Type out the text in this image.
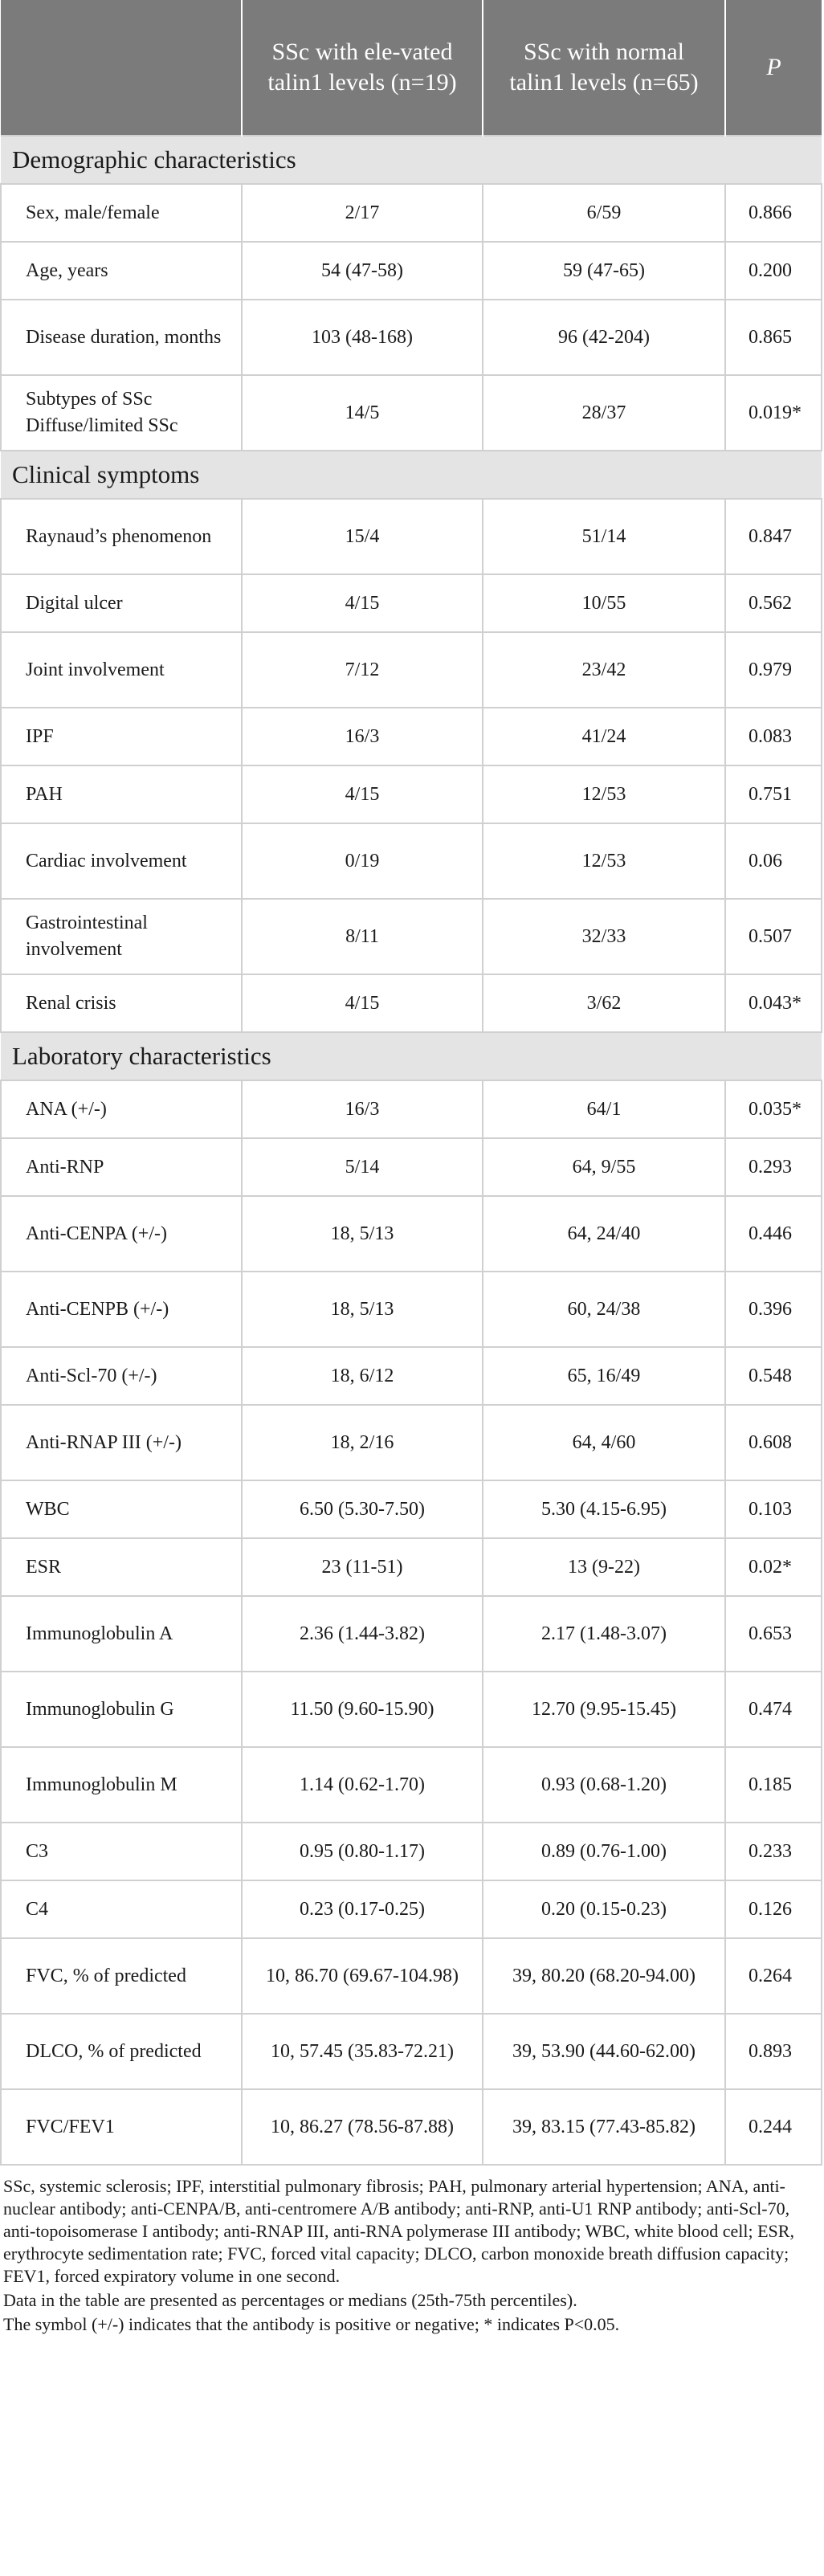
	SSc with ele-vated talin1 levels (n=19)	SSc with normal talin1 levels (n=65)	P
Demographic characteristics			
Sex, male/female	2/17	6/59	0.866
Age, years	54 (47-58)	59 (47-65)	0.200
Disease duration, months	103 (48-168)	96 (42-204)	0.865
Subtypes of SSc Diffuse/limited SSc	14/5	28/37	0.019*
Clinical symptoms			
Raynaud’s phenomenon	15/4	51/14	0.847
Digital ulcer	4/15	10/55	0.562
Joint involvement	7/12	23/42	0.979
IPF	16/3	41/24	0.083
PAH	4/15	12/53	0.751
Cardiac involvement	0/19	12/53	0.06
Gastrointestinal involvement	8/11	32/33	0.507
Renal crisis	4/15	3/62	0.043*
Laboratory characteristics			
ANA (+/-)	16/3	64/1	0.035*
Anti-RNP	5/14	64, 9/55	0.293
Anti-CENPA (+/-)	18, 5/13	64, 24/40	0.446
Anti-CENPB (+/-)	18, 5/13	60, 24/38	0.396
Anti-Scl-70 (+/-)	18, 6/12	65, 16/49	0.548
Anti-RNAP III (+/-)	18, 2/16	64, 4/60	0.608
WBC	6.50 (5.30-7.50)	5.30 (4.15-6.95)	0.103
ESR	23 (11-51)	13 (9-22)	0.02*
Immunoglobulin A	2.36 (1.44-3.82)	2.17 (1.48-3.07)	0.653
Immunoglobulin G	11.50 (9.60-15.90)	12.70 (9.95-15.45)	0.474
Immunoglobulin M	1.14 (0.62-1.70)	0.93 (0.68-1.20)	0.185
C3	0.95 (0.80-1.17)	0.89 (0.76-1.00)	0.233
C4	0.23 (0.17-0.25)	0.20 (0.15-0.23)	0.126
FVC, % of predicted	10, 86.70 (69.67-104.98)	39, 80.20 (68.20-94.00)	0.264
DLCO, % of predicted	10, 57.45 (35.83-72.21)	39, 53.90 (44.60-62.00)	0.893
FVC/FEV1	10, 86.27 (78.56-87.88)	39, 83.15 (77.43-85.82)	0.244

SSc, systemic sclerosis; IPF, interstitial pulmonary fibrosis; PAH, pulmonary arterial hypertension; ANA, anti-nuclear antibody; anti-CENPA/B, anti-centromere A/B antibody; anti-RNP, anti-U1 RNP antibody; anti-Scl-70, anti-topoisomerase I antibody; anti-RNAP III, anti-RNA polymerase III antibody; WBC, white blood cell; ESR, erythrocyte sedimentation rate; FVC, forced vital capacity; DLCO, carbon monoxide breath diffusion capacity; FEV1, forced expiratory volume in one second.

Data in the table are presented as percentages or medians (25th-75th percentiles).

The symbol (+/-) indicates that the antibody is positive or negative; * indicates P<0.05.
